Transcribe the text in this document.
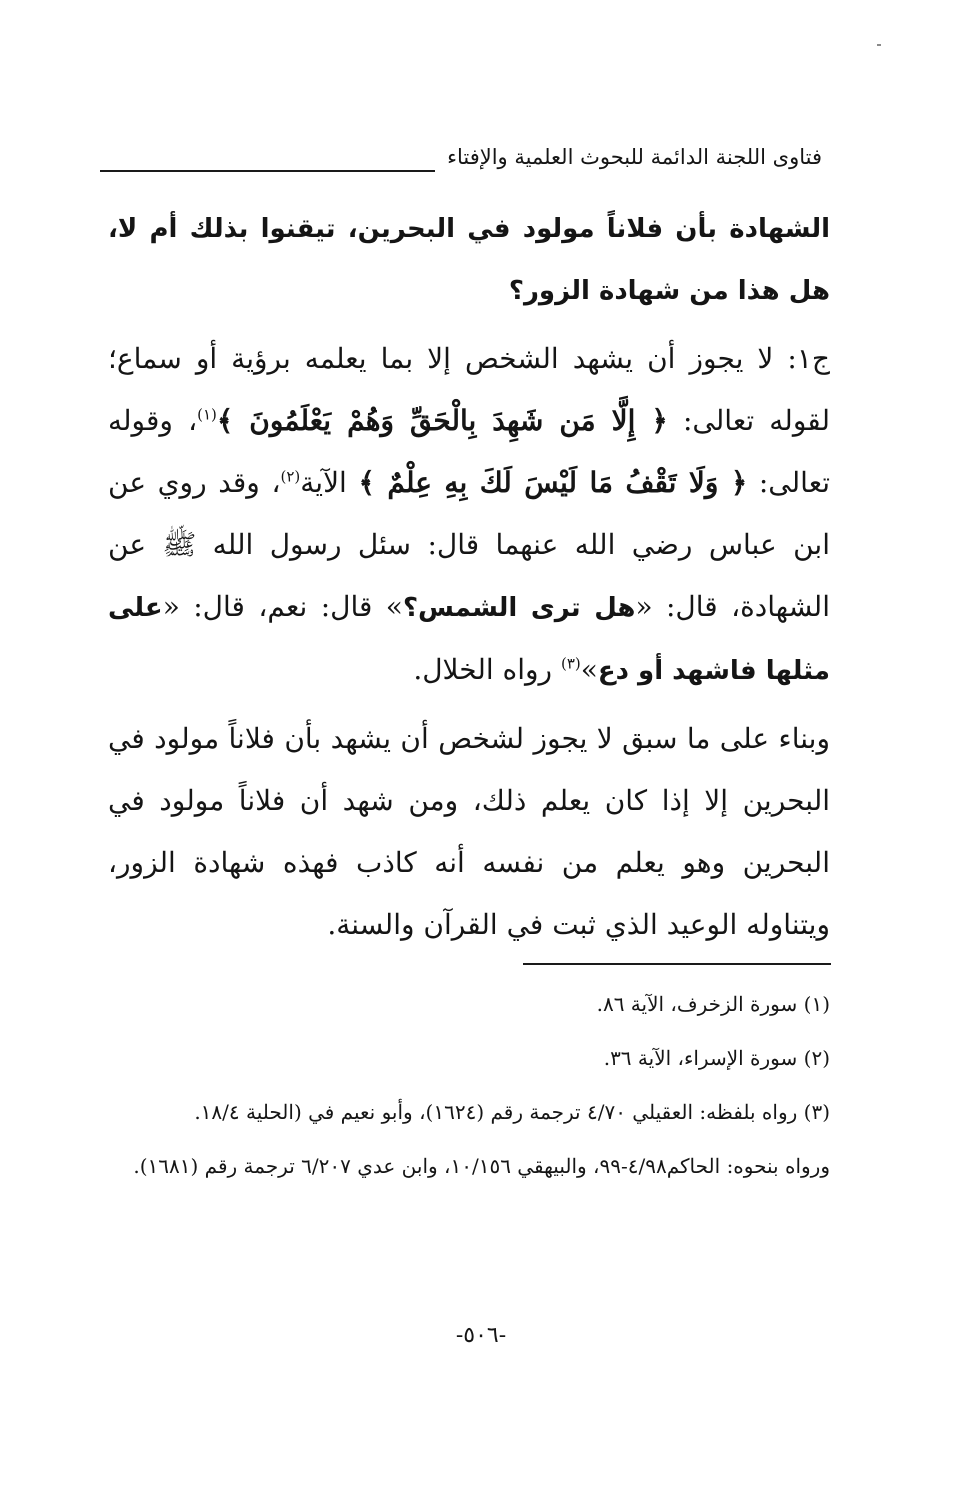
فتاوى اللجنة الدائمة للبحوث العلمية والإفتاء

الشهادة بأن فلاناً مولود في البحرين، تيقنوا بذلك أم لا، هل هذا من شهادة الزور؟

ج١: لا يجوز أن يشهد الشخص إلا بما يعلمه برؤية أو سماع؛ لقوله تعالى: ﴿ إِلَّا مَن شَهِدَ بِالْحَقِّ وَهُمْ يَعْلَمُونَ ﴾$^{(١)}$، وقوله تعالى: ﴿ وَلَا تَقْفُ مَا لَيْسَ لَكَ بِهِ عِلْمٌ ﴾ الآية$^{(٢)}$، وقد روي عن ابن عباس رضي الله عنهما قال: سئل رسول الله ﷺ عن الشهادة، قال: «هل ترى الشمس؟» قال: نعم، قال: «على مثلها فاشهد أو دع»$^{(٣)}$ رواه الخلال.

وبناء على ما سبق لا يجوز لشخص أن يشهد بأن فلاناً مولود في البحرين إلا إذا كان يعلم ذلك، ومن شهد أن فلاناً مولود في البحرين وهو يعلم من نفسه أنه كاذب فهذه شهادة الزور، ويتناوله الوعيد الذي ثبت في القرآن والسنة.

(١) سورة الزخرف، الآية ٨٦.

(٢) سورة الإسراء، الآية ٣٦.

(٣) رواه بلفظه: العقيلي ٤/٧٠ ترجمة رقم (١٦٢٤)، وأبو نعيم في (الحلية ١٨/٤.

ورواه بنحوه: الحاكم٤/٩٨-٩٩، والبيهقي ١٠/١٥٦، وابن عدي ٦/٢٠٧ ترجمة رقم (١٦٨١).

-٥٠٦-
